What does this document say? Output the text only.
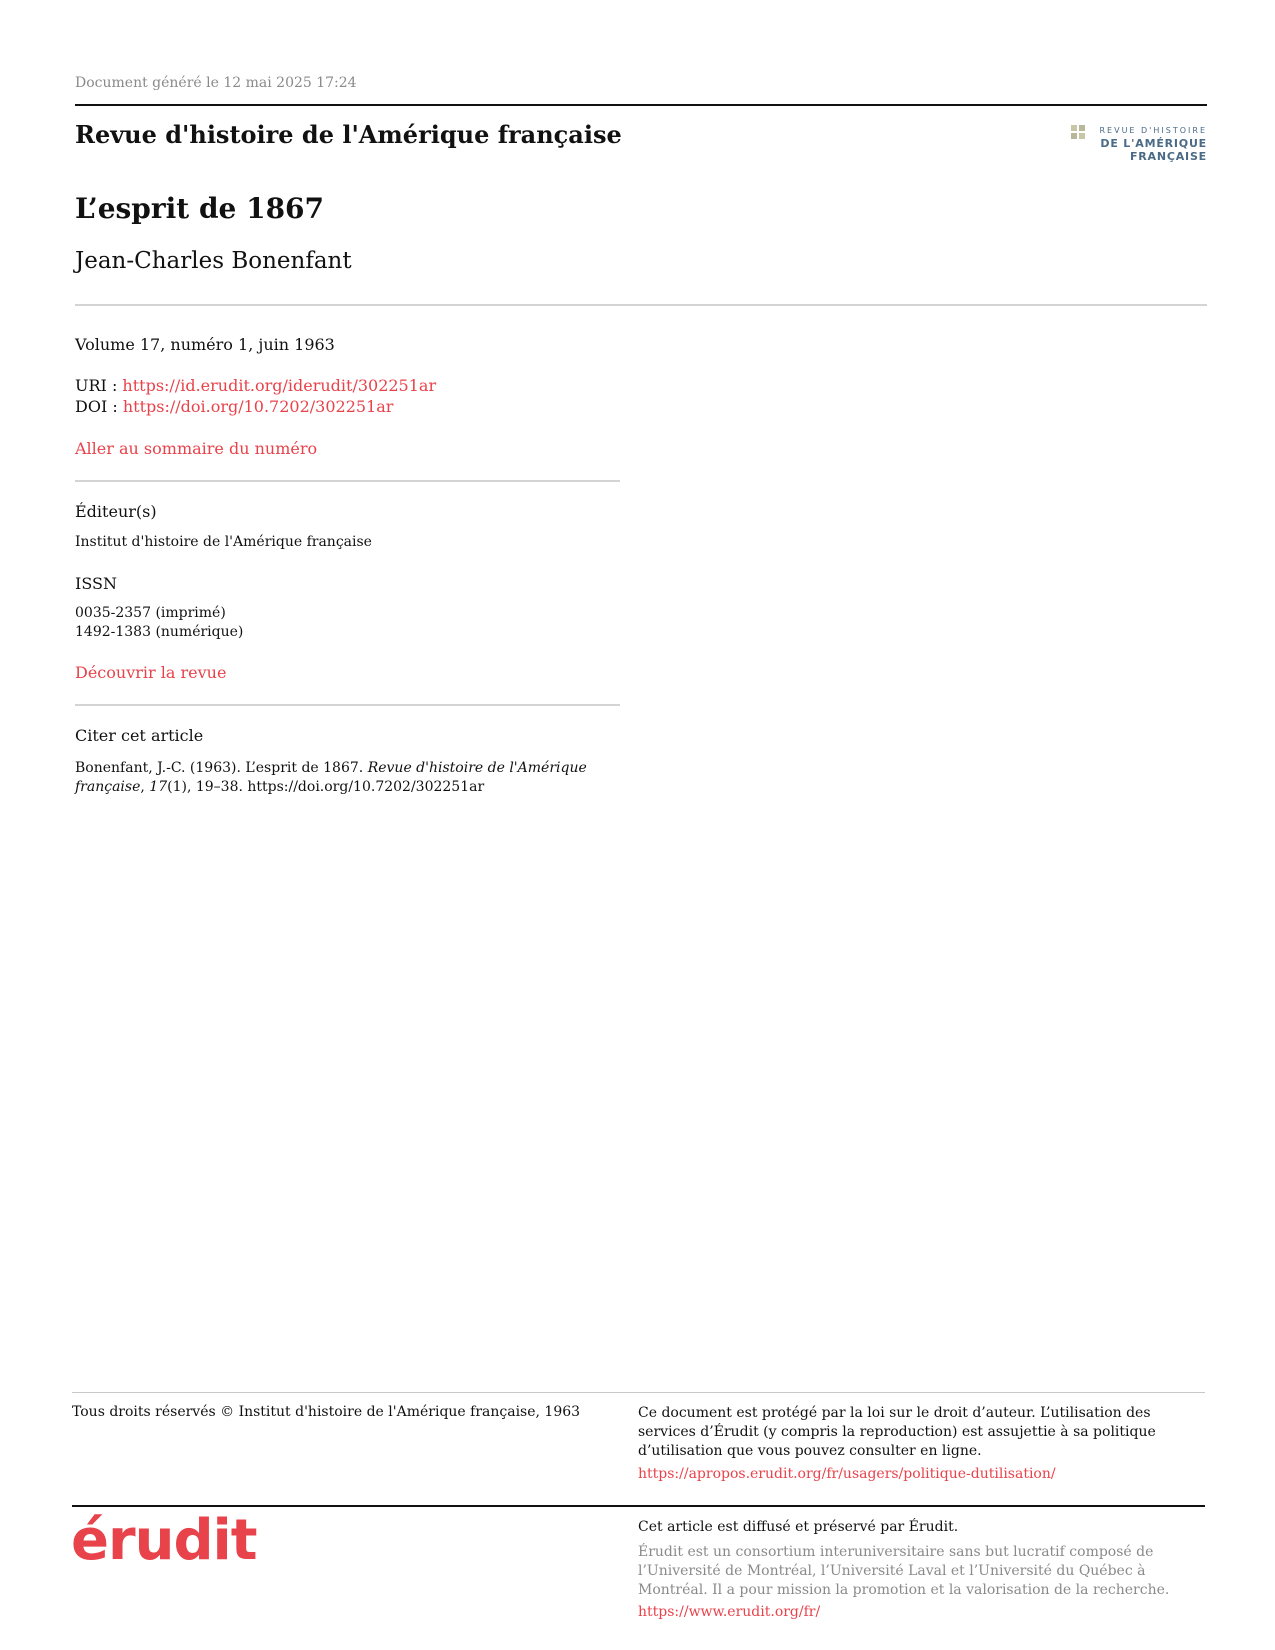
Document généré le 12 mai 2025 17:24
Revue d'histoire de l'Amérique française	REVUE D'HISTOIRE
DE L'AMÉRIQUE FRANÇAISE
L’esprit de 1867
Jean-Charles Bonenfant
Volume 17, numéro 1, juin 1963
URI : https://id.erudit.org/iderudit/302251ar
DOI : https://doi.org/10.7202/302251ar
Aller au sommaire du numéro
Éditeur(s)
Institut d'histoire de l'Amérique française
ISSN
0035-2357 (imprimé)
1492-1383 (numérique)
Découvrir la revue
Citer cet article
Bonenfant, J.-C. (1963). L’esprit de 1867. Revue d'histoire de l'Amérique française, 17(1), 19–38. https://doi.org/10.7202/302251ar
Tous droits réservés © Institut d'histoire de l'Amérique française, 1963	Ce document est protégé par la loi sur le droit d’auteur. L’utilisation des services d’Érudit (y compris la reproduction) est assujettie à sa politique d’utilisation que vous pouvez consulter en ligne.
https://apropos.erudit.org/fr/usagers/politique-dutilisation/
érudit	Cet article est diffusé et préservé par Érudit.
Érudit est un consortium interuniversitaire sans but lucratif composé de l’Université de Montréal, l’Université Laval et l’Université du Québec à Montréal. Il a pour mission la promotion et la valorisation de la recherche.
https://www.erudit.org/fr/
